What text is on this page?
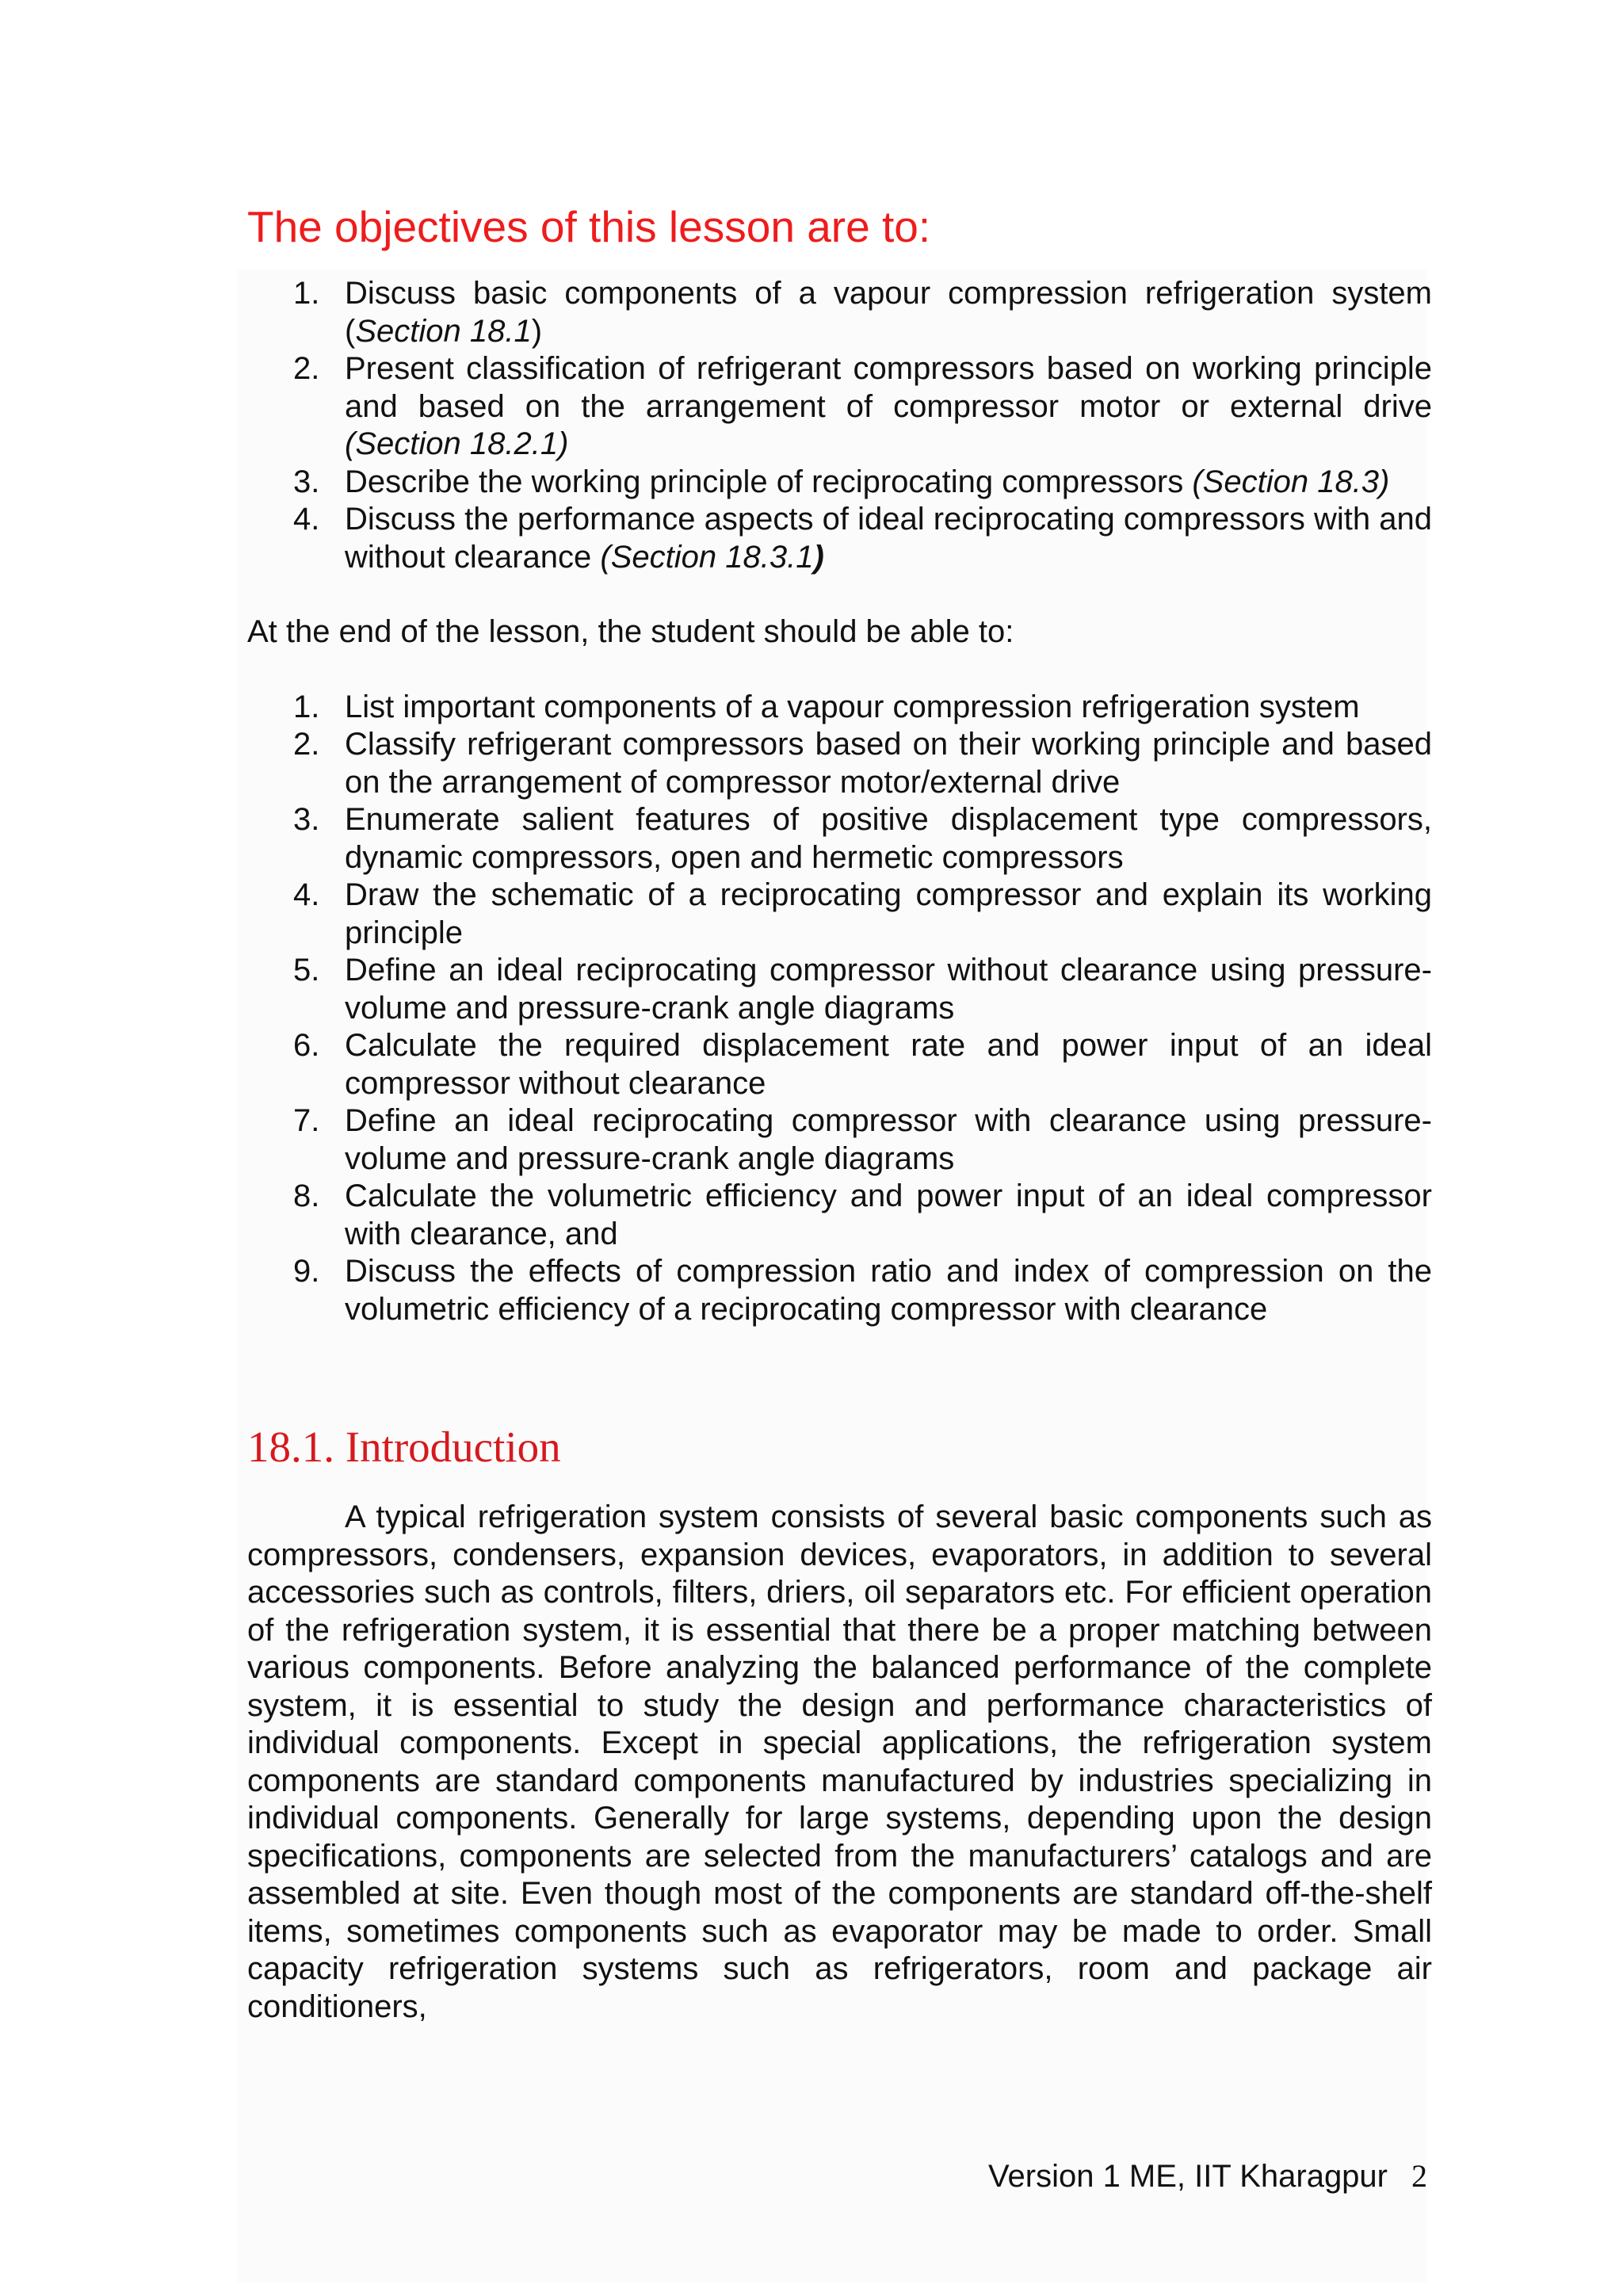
The objectives of this lesson are to:
1. Discuss basic components of a vapour compression refrigeration system (Section 18.1)
2. Present classification of refrigerant compressors based on working principle and based on the arrangement of compressor motor or external drive (Section 18.2.1)
3. Describe the working principle of reciprocating compressors (Section 18.3)
4. Discuss the performance aspects of ideal reciprocating compressors with and without clearance (Section 18.3.1)

At the end of the lesson, the student should be able to:

1. List important components of a vapour compression refrigeration system
2. Classify refrigerant compressors based on their working principle and based on the arrangement of compressor motor/external drive
3. Enumerate salient features of positive displacement type compressors, dynamic compressors, open and hermetic compressors
4. Draw the schematic of a reciprocating compressor and explain its working principle
5. Define an ideal reciprocating compressor without clearance using pressure-volume and pressure-crank angle diagrams
6. Calculate the required displacement rate and power input of an ideal compressor without clearance
7. Define an ideal reciprocating compressor with clearance using pressure-volume and pressure-crank angle diagrams
8. Calculate the volumetric efficiency and power input of an ideal compressor with clearance, and
9. Discuss the effects of compression ratio and index of compression on the volumetric efficiency of a reciprocating compressor with clearance
18.1. Introduction

A typical refrigeration system consists of several basic components such as compressors, condensers, expansion devices, evaporators, in addition to several accessories such as controls, filters, driers, oil separators etc. For efficient operation of the refrigeration system, it is essential that there be a proper matching between various components. Before analyzing the balanced performance of the complete system, it is essential to study the design and performance characteristics of individual components. Except in special applications, the refrigeration system components are standard components manufactured by industries specializing in individual components. Generally for large systems, depending upon the design specifications, components are selected from the manufacturers’ catalogs and are assembled at site. Even though most of the components are standard off-the-shelf items, sometimes components such as evaporator may be made to order. Small capacity refrigeration systems such as refrigerators, room and package air conditioners,

Version 1 ME, IIT Kharagpur 2
